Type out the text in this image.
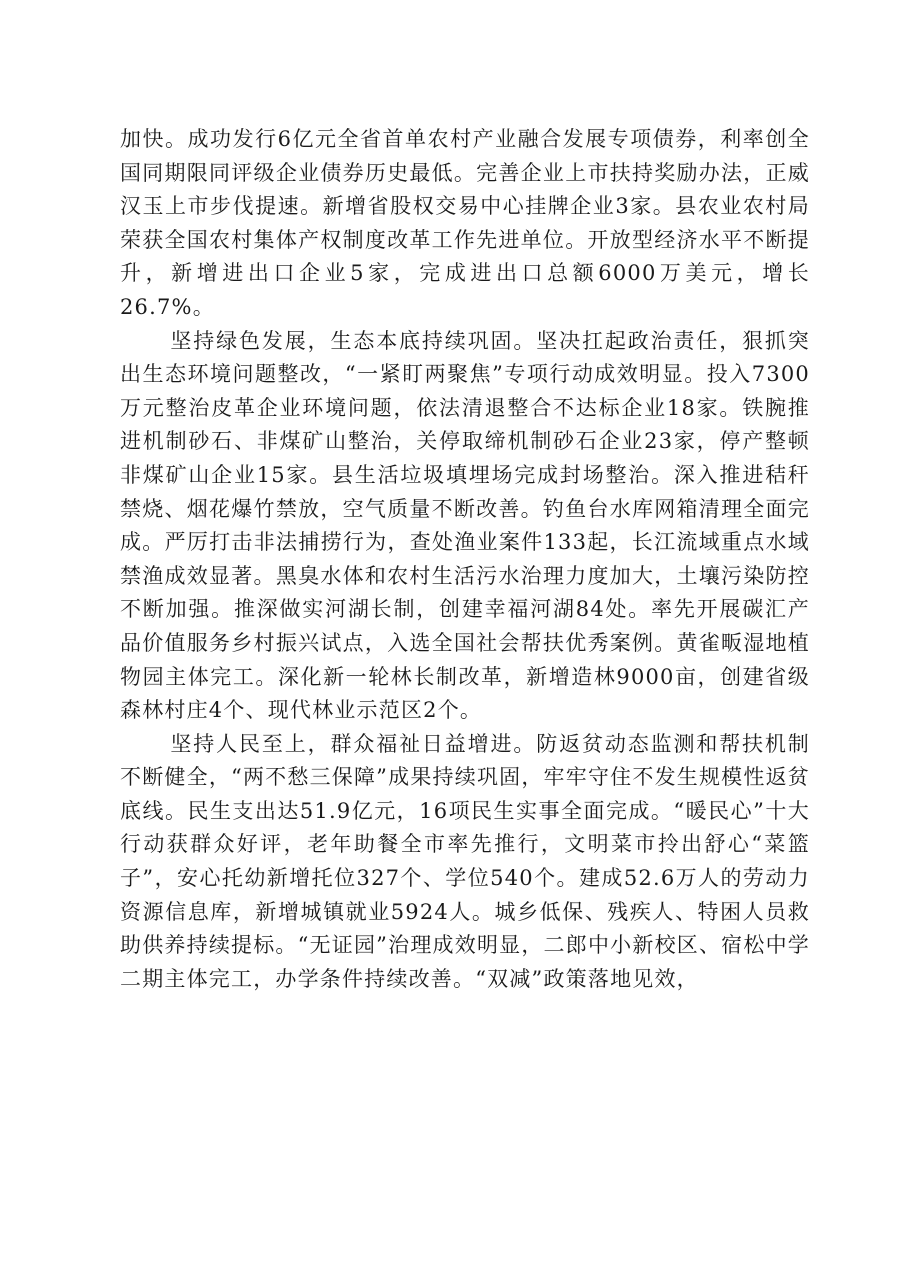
加快。成功发行6亿元全省首单农村产业融合发展专项债券，利率创全国同期限同评级企业债券历史最低。完善企业上市扶持奖励办法，正威汉玉上市步伐提速。新增省股权交易中心挂牌企业3家。县农业农村局荣获全国农村集体产权制度改革工作先进单位。开放型经济水平不断提升，新增进出口企业5家，完成进出口总额6000万美元，增长26.7%。

坚持绿色发展，生态本底持续巩固。坚决扛起政治责任，狠抓突出生态环境问题整改，“一紧盯两聚焦”专项行动成效明显。投入7300万元整治皮革企业环境问题，依法清退整合不达标企业18家。铁腕推进机制砂石、非煤矿山整治，关停取缔机制砂石企业23家，停产整顿非煤矿山企业15家。县生活垃圾填埋场完成封场整治。深入推进秸秆禁烧、烟花爆竹禁放，空气质量不断改善。钓鱼台水库网箱清理全面完成。严厉打击非法捕捞行为，查处渔业案件133起，长江流域重点水域禁渔成效显著。黑臭水体和农村生活污水治理力度加大，土壤污染防控不断加强。推深做实河湖长制，创建幸福河湖84处。率先开展碳汇产品价值服务乡村振兴试点，入选全国社会帮扶优秀案例。黄雀畈湿地植物园主体完工。深化新一轮林长制改革，新增造林9000亩，创建省级森林村庄4个、现代林业示范区2个。

坚持人民至上，群众福祉日益增进。防返贫动态监测和帮扶机制不断健全，“两不愁三保障”成果持续巩固，牢牢守住不发生规模性返贫底线。民生支出达51.9亿元，16项民生实事全面完成。“暖民心”十大行动获群众好评，老年助餐全市率先推行，文明菜市拎出舒心“菜篮子”，安心托幼新增托位327个、学位540个。建成52.6万人的劳动力资源信息库，新增城镇就业5924人。城乡低保、残疾人、特困人员救助供养持续提标。“无证园”治理成效明显，二郎中小新校区、宿松中学二期主体完工，办学条件持续改善。“双减”政策落地见效，
